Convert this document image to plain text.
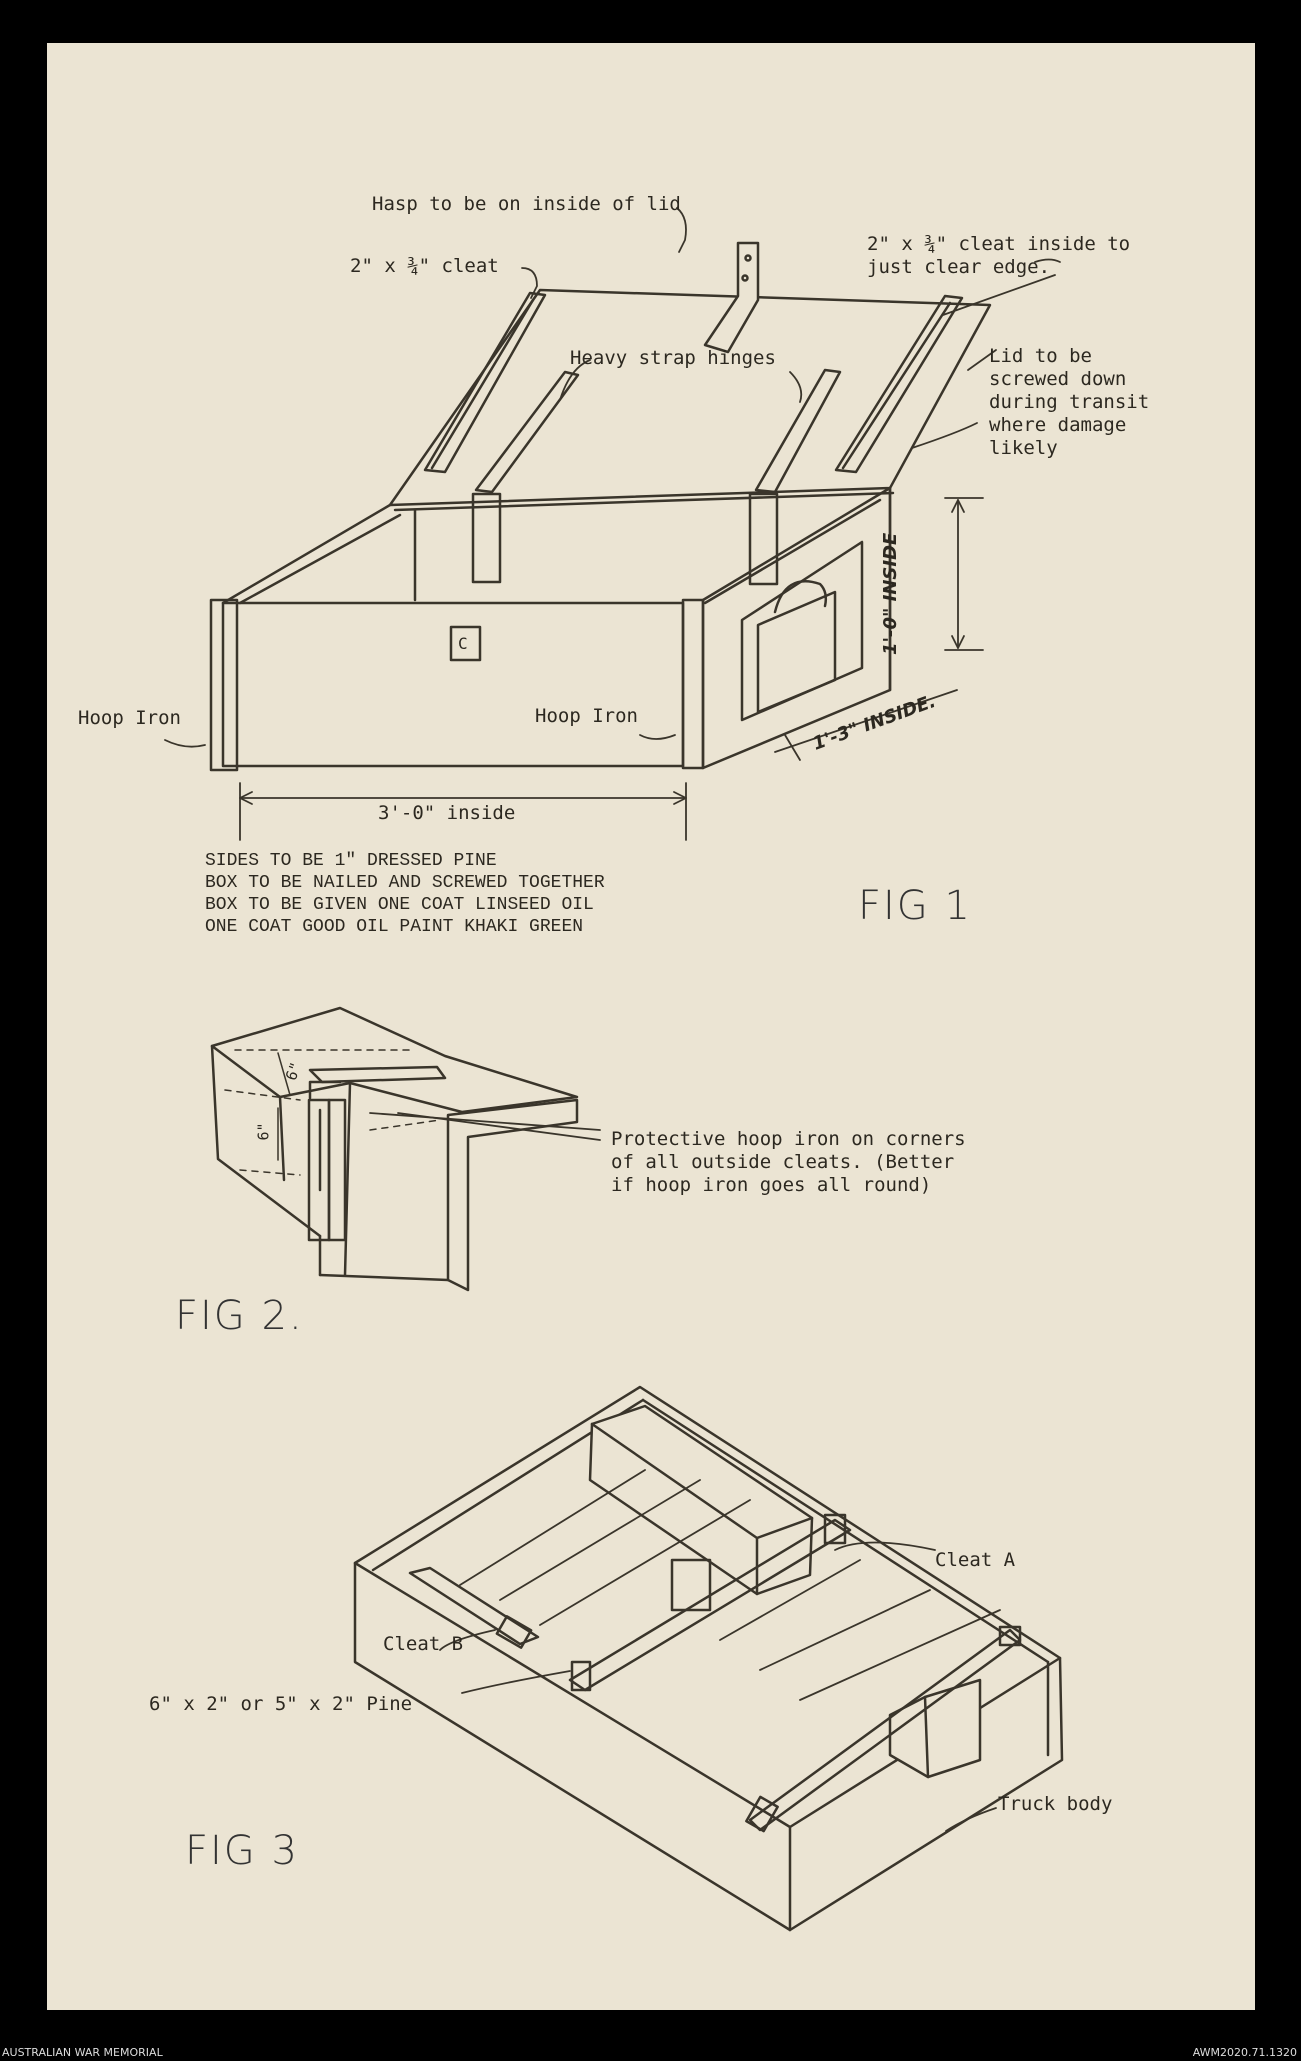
Hasp to be on inside of lid
2" x ¾" cleat
2" x ¾" cleat inside to
just clear edge.
Heavy strap hinges	Lid to be
screwed down
during transit
where damage
likely
Hoop Iron	Hoop Iron
3'-0" inside
1'-0" INSIDE
1'-3" INSIDE.
C
SIDES TO BE 1" DRESSED PINE
BOX TO BE NAILED AND SCREWED TOGETHER
BOX TO BE GIVEN ONE COAT LINSEED OIL
ONE COAT GOOD OIL PAINT KHAKI GREEN	FIG 1
Protective hoop iron on corners
of all outside cleats. (Better
if hoop iron goes all round)
6"
6"
FIG 2.
Cleat A
Cleat B
6" x 2" or 5" x 2" Pine
Truck body
FIG 3
AUSTRALIAN WAR MEMORIAL	AWM2020.71.1320
